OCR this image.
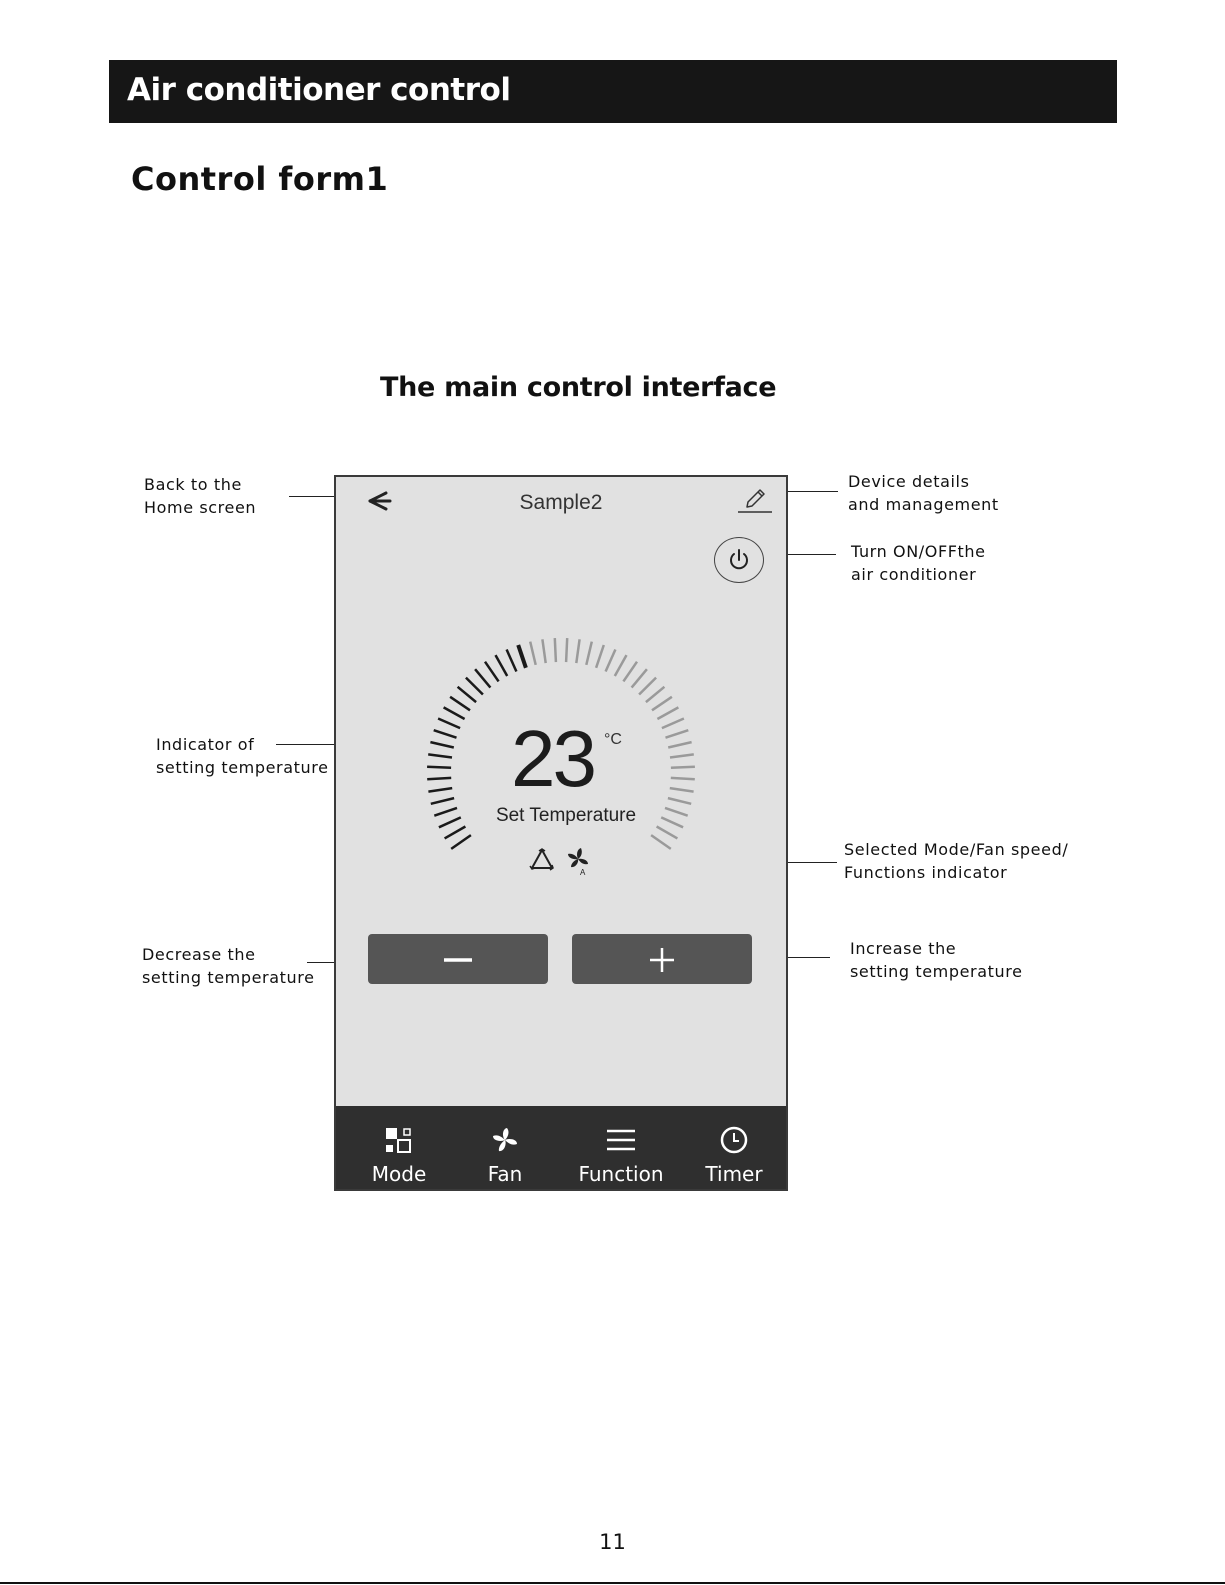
Air conditioner control
Control form1
The main control interface
Back to the
Home screen
Device details
and management
Turn ON/OFFthe
air conditioner
Indicator of
setting temperature
Selected Mode/Fan speed/
Functions indicator
Decrease the
setting temperature
Increase the
setting temperature
Sample2
23 °C
Set Temperature
A
Mode	Fan	Function	Timer
11
